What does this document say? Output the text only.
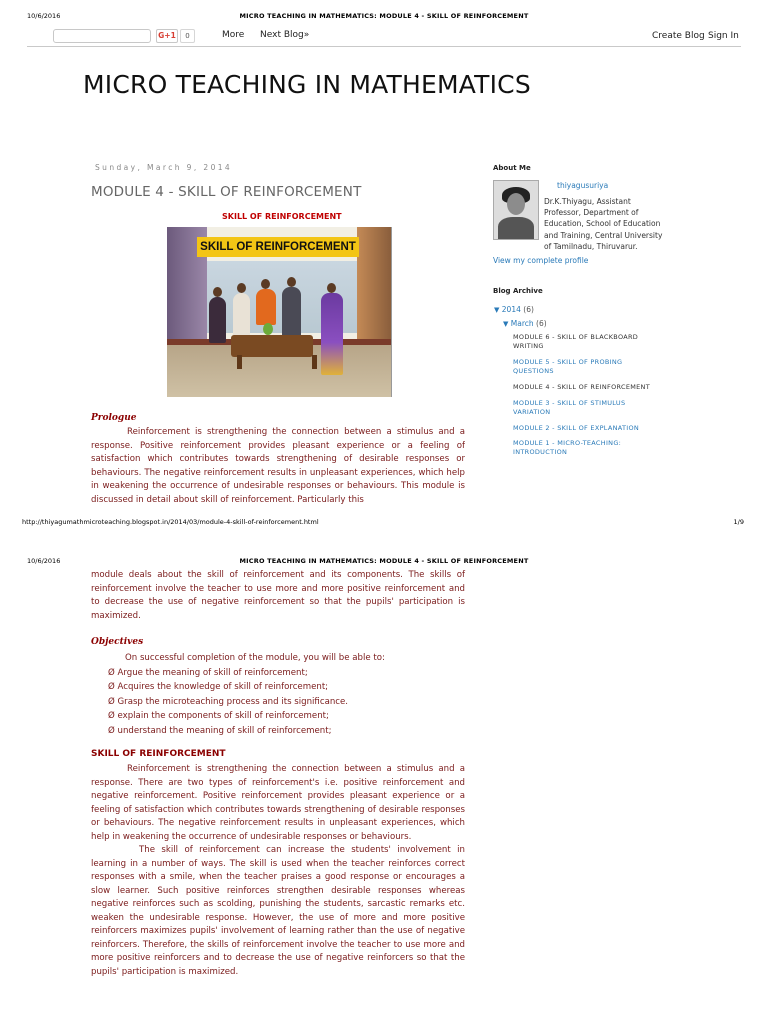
10/6/2016	MICRO TEACHING IN MATHEMATICS: MODULE 4 - SKILL OF REINFORCEMENT
G+1	0	More Next Blog»	Create Blog Sign In
MICRO TEACHING IN MATHEMATICS
Sunday, March 9, 2014
MODULE 4 - SKILL OF REINFORCEMENT
SKILL OF REINFORCEMENT
SKILL OF REINFORCEMENT
Prologue

Reinforcement is strengthening the connection between a stimulus and a response. Positive reinforcement provides pleasant experience or a feeling of satisfaction which contributes towards strengthening of desirable responses or behaviours. The negative reinforcement results in unpleasant experiences, which help in weakening the occurrence of undesirable responses or behaviours. This module is discussed in detail about skill of reinforcement. Particularly this

http://thiyagumathmicroteaching.blogspot.in/2014/03/module-4-skill-of-reinforcement.html	1/9
10/6/2016	MICRO TEACHING IN MATHEMATICS: MODULE 4 - SKILL OF REINFORCEMENT

module deals about the skill of reinforcement and its components. The skills of reinforcement involve the teacher to use more and more positive reinforcement and to decrease the use of negative reinforcement so that the pupils' participation is maximized.

Objectives
On successful completion of the module, you will be able to:
Ø Argue the meaning of skill of reinforcement;
Ø Acquires the knowledge of skill of reinforcement;
Ø Grasp the microteaching process and its significance.
Ø explain the components of skill of reinforcement;
Ø understand the meaning of skill of reinforcement;
SKILL OF REINFORCEMENT

Reinforcement is strengthening the connection between a stimulus and a response. There are two types of reinforcement's i.e. positive reinforcement and negative reinforcement. Positive reinforcement provides pleasant experience or a feeling of satisfaction which contributes towards strengthening of desirable responses or behaviours. The negative reinforcement results in unpleasant experiences, which help in weakening the occurrence of undesirable responses or behaviours.

The skill of reinforcement can increase the students' involvement in learning in a number of ways. The skill is used when the teacher reinforces correct responses with a smile, when the teacher praises a good response or encourages a slow learner. Such positive reinforces strengthen desirable responses whereas negative reinforces such as scolding, punishing the students, sarcastic remarks etc. weaken the undesirable response. However, the use of more and more positive reinforcers maximizes pupils' involvement of learning rather than the use of negative reinforcers. Therefore, the skills of reinforcement involve the teacher to use more and more positive reinforcers and to decrease the use of negative reinforcers so that the pupils' participation is maximized.

About Me
thiyagusuriya
Dr.K.Thiyagu, Assistant Professor, Department of Education, School of Education and Training, Central University of Tamilnadu, Thiruvarur.
View my complete profile
Blog Archive
▼ 2014 (6)
▼ March (6)
MODULE 6 - SKILL OF BLACKBOARD WRITING
MODULE 5 - SKILL OF PROBING QUESTIONS
MODULE 4 - SKILL OF REINFORCEMENT
MODULE 3 - SKILL OF STIMULUS VARIATION
MODULE 2 - SKILL OF EXPLANATION
MODULE 1 - MICRO-TEACHING: INTRODUCTION
